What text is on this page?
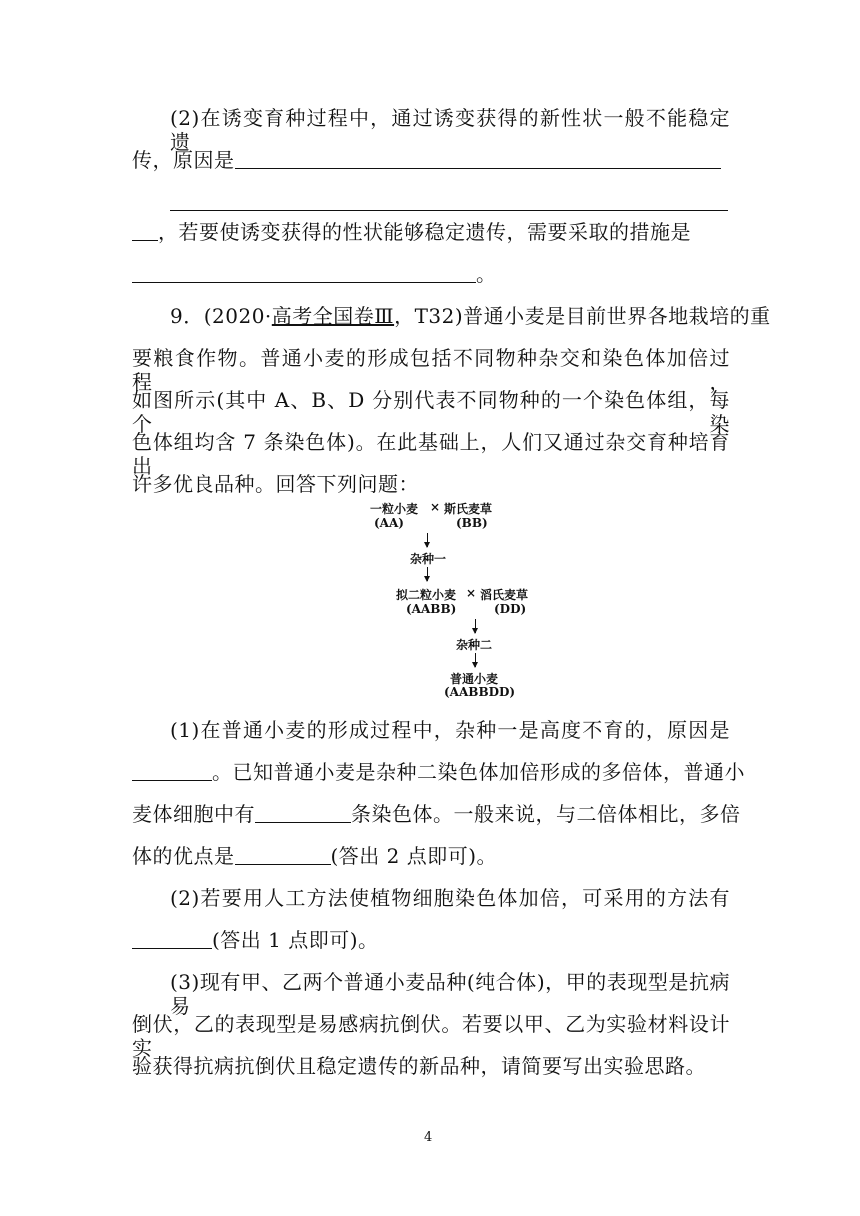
(2)在诱变育种过程中，通过诱变获得的新性状一般不能稳定遗
传，原因是
，若要使诱变获得的性状能够稳定遗传，需要采取的措施是
。
9．(2020·高考全国卷Ⅲ，T32)普通小麦是目前世界各地栽培的重
要粮食作物。普通小麦的形成包括不同物种杂交和染色体加倍过程，
如图所示(其中 A、B、D 分别代表不同物种的一个染色体组，每个染
色体组均含 7 条染色体)。在此基础上，人们又通过杂交育种培育出
许多优良品种。回答下列问题：
一粒小麦 × 斯氏麦草
(AA)	(BB)
杂种一
拟二粒小麦 × 滔氏麦草
(AABB)	(DD)
杂种二
普通小麦
(AABBDD)
(1)在普通小麦的形成过程中，杂种一是高度不育的，原因是
。已知普通小麦是杂种二染色体加倍形成的多倍体，普通小
麦体细胞中有	条染色体。一般来说，与二倍体相比，多倍
体的优点是	(答出 2 点即可)。
(2)若要用人工方法使植物细胞染色体加倍，可采用的方法有
(答出 1 点即可)。
(3)现有甲、乙两个普通小麦品种(纯合体)，甲的表现型是抗病易
倒伏，乙的表现型是易感病抗倒伏。若要以甲、乙为实验材料设计实
验获得抗病抗倒伏且稳定遗传的新品种，请简要写出实验思路。
4
